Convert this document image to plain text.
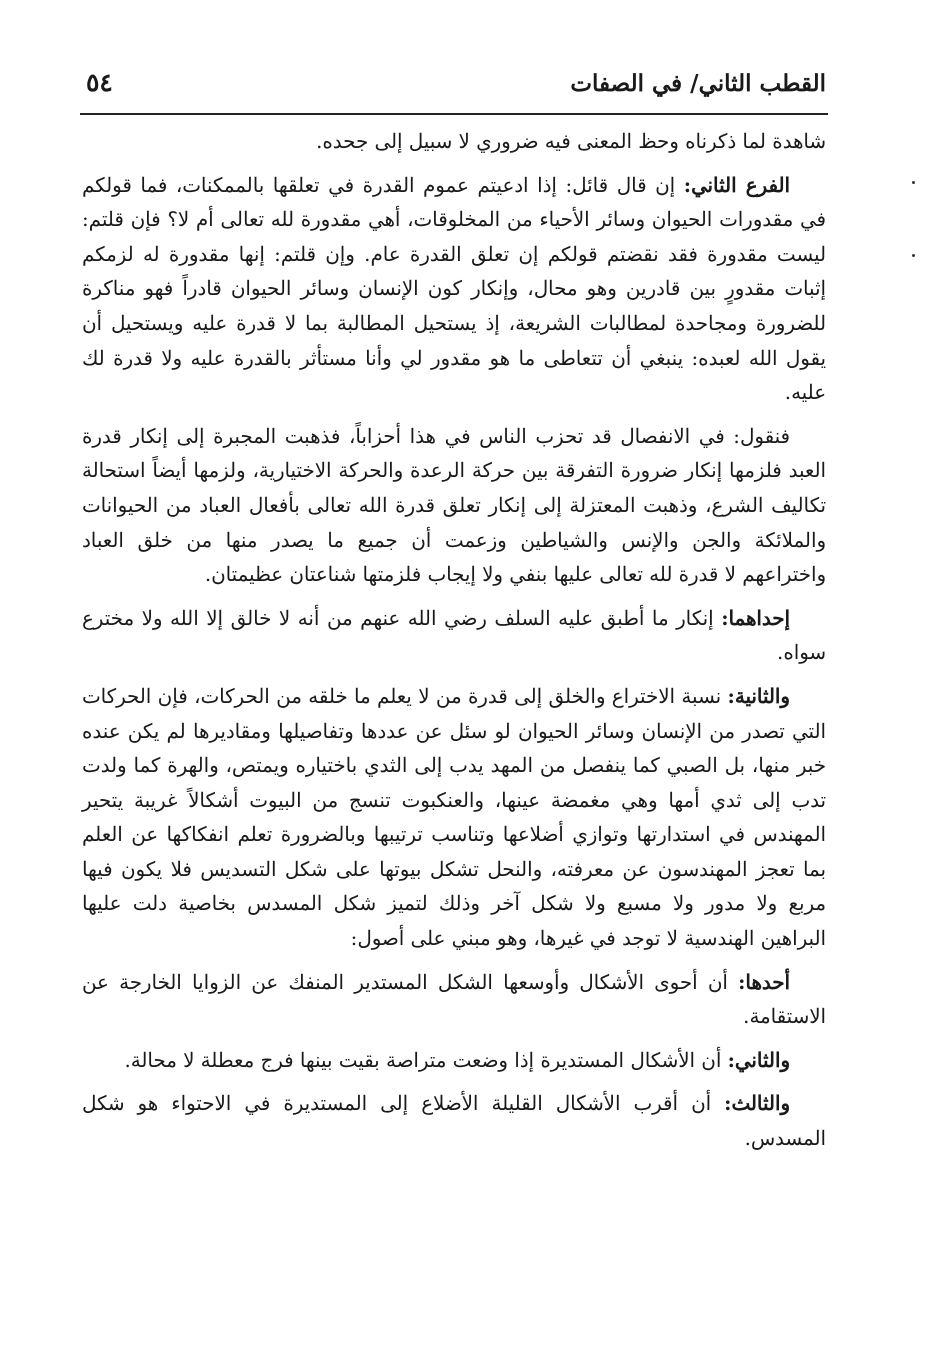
القطب الثاني/ في الصفات
٥٤

شاهدة لما ذكرناه وحظ المعنى فيه ضروري لا سبيل إلى جحده.

الفرع الثاني: إن قال قائل: إذا ادعيتم عموم القدرة في تعلقها بالممكنات، فما قولكم في مقدورات الحيوان وسائر الأحياء من المخلوقات، أهي مقدورة لله تعالى أم لا؟ فإن قلتم: ليست مقدورة فقد نقضتم قولكم إن تعلق القدرة عام. وإن قلتم: إنها مقدورة له لزمكم إثبات مقدورٍ بين قادرين وهو محال، وإنكار كون الإنسان وسائر الحيوان قادراً فهو مناكرة للضرورة ومجاحدة لمطالبات الشريعة، إذ يستحيل المطالبة بما لا قدرة عليه ويستحيل أن يقول الله لعبده: ينبغي أن تتعاطى ما هو مقدور لي وأنا مستأثر بالقدرة عليه ولا قدرة لك عليه.

فنقول: في الانفصال قد تحزب الناس في هذا أحزاباً، فذهبت المجبرة إلى إنكار قدرة العبد فلزمها إنكار ضرورة التفرقة بين حركة الرعدة والحركة الاختيارية، ولزمها أيضاً استحالة تكاليف الشرع، وذهبت المعتزلة إلى إنكار تعلق قدرة الله تعالى بأفعال العباد من الحيوانات والملائكة والجن والإنس والشياطين وزعمت أن جميع ما يصدر منها من خلق العباد واختراعهم لا قدرة لله تعالى عليها بنفي ولا إيجاب فلزمتها شناعتان عظيمتان.

إحداهما: إنكار ما أطبق عليه السلف رضي الله عنهم من أنه لا خالق إلا الله ولا مخترع سواه.

والثانية: نسبة الاختراع والخلق إلى قدرة من لا يعلم ما خلقه من الحركات، فإن الحركات التي تصدر من الإنسان وسائر الحيوان لو سئل عن عددها وتفاصيلها ومقاديرها لم يكن عنده خبر منها، بل الصبي كما ينفصل من المهد يدب إلى الثدي باختياره ويمتص، والهرة كما ولدت تدب إلى ثدي أمها وهي مغمضة عينها، والعنكبوت تنسج من البيوت أشكالاً غريبة يتحير المهندس في استدارتها وتوازي أضلاعها وتناسب ترتيبها وبالضرورة تعلم انفكاكها عن العلم بما تعجز المهندسون عن معرفته، والنحل تشكل بيوتها على شكل التسديس فلا يكون فيها مربع ولا مدور ولا مسبع ولا شكل آخر وذلك لتميز شكل المسدس بخاصية دلت عليها البراهين الهندسية لا توجد في غيرها، وهو مبني على أصول:

أحدها: أن أحوى الأشكال وأوسعها الشكل المستدير المنفك عن الزوايا الخارجة عن الاستقامة.

والثاني: أن الأشكال المستديرة إذا وضعت متراصة بقيت بينها فرج معطلة لا محالة.

والثالث: أن أقرب الأشكال القليلة الأضلاع إلى المستديرة في الاحتواء هو شكل المسدس.
